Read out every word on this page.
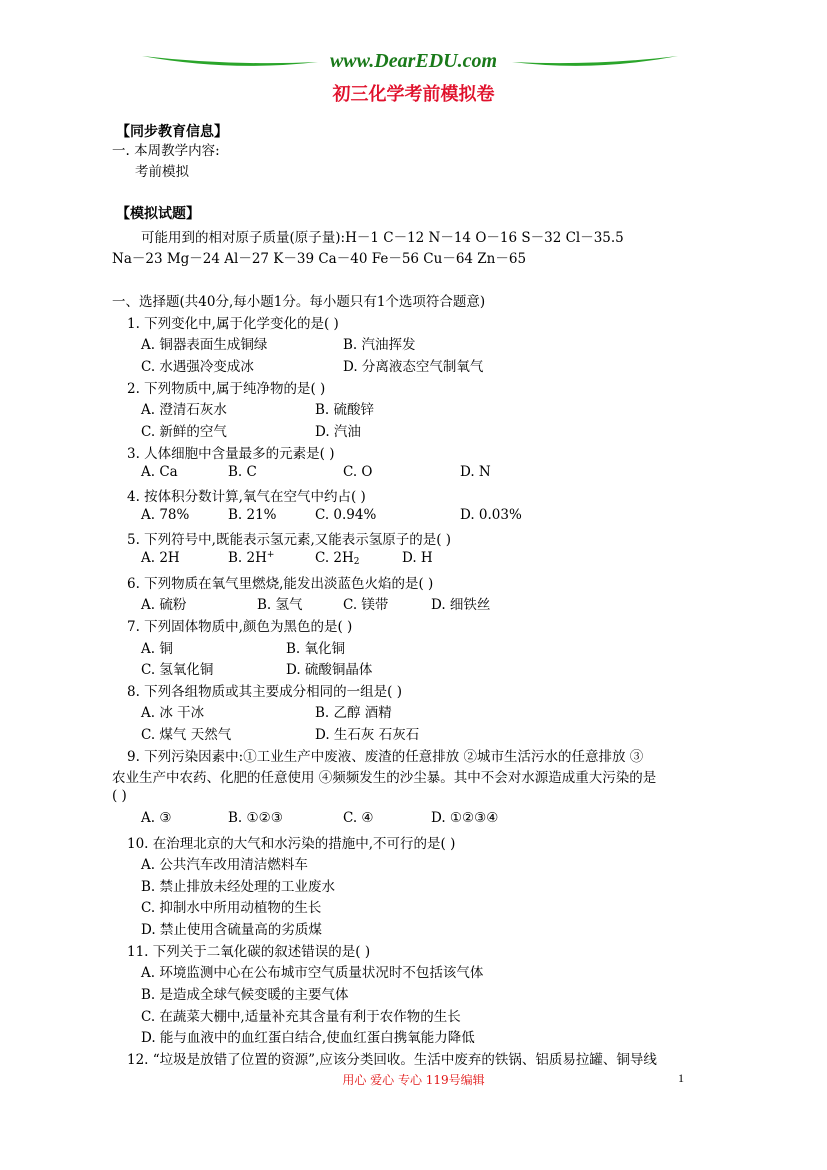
www.DearEDU.com
初三化学考前模拟卷
【同步教育信息】
一. 本周教学内容:
考前模拟
【模拟试题】
可能用到的相对原子质量(原子量):H－1 C－12 N－14 O－16 S－32 Cl－35.5
Na－23 Mg－24 Al－27 K－39 Ca－40 Fe－56 Cu－64 Zn－65
一、选择题(共40分,每小题1分。每小题只有1个选项符合题意)
1. 下列变化中,属于化学变化的是( )
A. 铜器表面生成铜绿	B. 汽油挥发
C. 水遇强冷变成冰	D. 分离液态空气制氧气
2. 下列物质中,属于纯净物的是( )
A. 澄清石灰水	B. 硫酸锌
C. 新鲜的空气	D. 汽油
3. 人体细胞中含量最多的元素是( )
A. Ca	B. C	C. O	D. N
4. 按体积分数计算,氧气在空气中约占( )
A. 78%	B. 21%	C. 0.94%	D. 0.03%
5. 下列符号中,既能表示氢元素,又能表示氢原子的是( )
A. 2H	B. 2H+	C. $2H_2$	D. H
6. 下列物质在氧气里燃烧,能发出淡蓝色火焰的是( )
A. 硫粉	B. 氢气	C. 镁带	D. 细铁丝
7. 下列固体物质中,颜色为黑色的是( )
A. 铜	B. 氧化铜
C. 氢氧化铜	D. 硫酸铜晶体
8. 下列各组物质或其主要成分相同的一组是( )
A. 冰 干冰	B. 乙醇 酒精
C. 煤气 天然气	D. 生石灰 石灰石
9. 下列污染因素中:①工业生产中废液、废渣的任意排放 ②城市生活污水的任意排放 ③
农业生产中农药、化肥的任意使用 ④频频发生的沙尘暴。其中不会对水源造成重大污染的是
( )
A. ③	B. ①②③	C. ④	D. ①②③④
10. 在治理北京的大气和水污染的措施中,不可行的是( )
A. 公共汽车改用清洁燃料车
B. 禁止排放未经处理的工业废水
C. 抑制水中所用动植物的生长
D. 禁止使用含硫量高的劣质煤
11. 下列关于二氧化碳的叙述错误的是( )
A. 环境监测中心在公布城市空气质量状况时不包括该气体
B. 是造成全球气候变暖的主要气体
C. 在蔬菜大棚中,适量补充其含量有利于农作物的生长
D. 能与血液中的血红蛋白结合,使血红蛋白携氧能力降低
12. “垃圾是放错了位置的资源”,应该分类回收。生活中废弃的铁锅、铝质易拉罐、铜导线
用心 爱心 专心 119号编辑	1
